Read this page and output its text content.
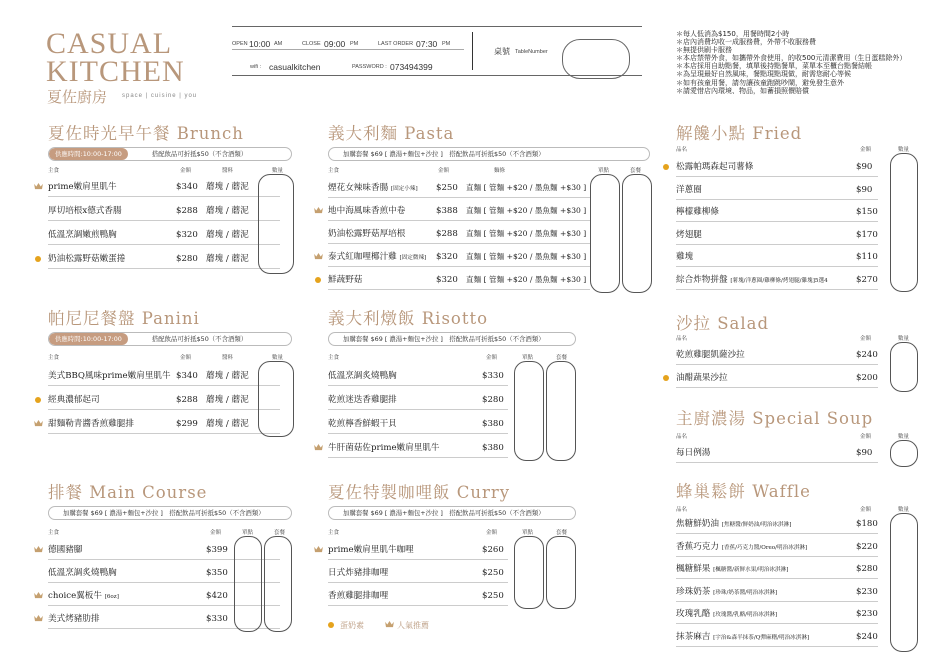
CASUAL
KITCHEN
夏佐廚房 space | cuisine | you
OPEN 10:00 AM	CLOSE 09:00 PM	LAST ORDER 07:30 PM
wifi : casualkitchen	PASSWORD : 073494399
桌號 TableNumber
＊每人低消為$150，用餐時間2小時
＊店內消費均收一成服務費，外帶不收服務費
＊無提供刷卡服務
＊本店禁帶外食，如攜帶外食使用，的收500元清潔費用（生日蛋糕除外）
＊本店採用自助點餐，填單後持點餐單，菜單本至櫃台點餐結帳
＊為呈現最好自然風味，餐點現點現做，耐需您耐心等候
＊如有孩童用餐，請勿讓孩童跑跳吵鬧，避免發生意外
＊請愛惜店內環境、物品，如蓄損照價賠償
夏佐時光早午餐 Brunch
供應時間:10:00-17:00	搭配飲品可折抵$50（不含酒類）
主食	金額	醬料	數量
prime嫩肩里肌牛	$340 蘑塊 / 蘑泥
厚切培根x德式香腸	$288 蘑塊 / 蘑泥
低溫烹調嫩煎鴨胸	$320 蘑塊 / 蘑泥
奶油松露野菇嫩蛋捲	$280 蘑塊 / 蘑泥
帕尼尼餐盤 Panini
供應時間:10:00-17:00	搭配飲品可折抵$50（不含酒類）
主食	金額	醬料	數量
美式BBQ風味prime嫩肩里肌牛 $340 蘑塊 / 蘑泥
經典濃郁起司	$288 蘑塊 / 蘑泥
甜麵勒青醬香煎雞腿排	$299 蘑塊 / 蘑泥
排餐 Main Course
加購套餐 $69 [ 濃湯+麵包+沙拉 ]　搭配飲品可折抵$50（不含酒類）
主食	金額	單點	套餐
德國豬腳	$399
低溫烹調炙燒鴨胸	$350
choice翼板牛 [6oz]	$420
美式烤豬肋排	$330
義大利麵 Pasta
加購套餐 $69 [ 濃湯+麵包+沙拉 ]　搭配飲品可折抵$50（不含酒類）
主食	金額	麵條	單點	套餐
煙花女辣味香腸 [固定小辣] $250 直麵 [ 管麵 +$20 / 墨魚麵 +$30 ]
地中海風味香煎中卷	$388 直麵 [ 管麵 +$20 / 墨魚麵 +$30 ]
奶油松露野菇厚培根	$288 直麵 [ 管麵 +$20 / 墨魚麵 +$30 ]
泰式紅咖哩椰汁雞 [固定微辣] $320 直麵 [ 管麵 +$20 / 墨魚麵 +$30 ]
鮮蔬野菇	$320 直麵 [ 管麵 +$20 / 墨魚麵 +$30 ]
義大利燉飯 Risotto
加購套餐 $69 [ 濃湯+麵包+沙拉 ]　搭配飲品可折抵$50（不含酒類）
主食	金額	單點	套餐
低溫烹調炙燒鴨胸	$330
乾煎迷迭香雞腿排	$280
乾煎檸香鮮蝦干貝	$380
牛肝菌菇佐prime嫩肩里肌牛	$380
夏佐特製咖哩飯 Curry
加購套餐 $69 [ 濃湯+麵包+沙拉 ]　搭配飲品可折抵$50（不含酒類）
主食	金額	單點	套餐
prime嫩肩里肌牛咖哩	$260
日式炸豬排咖哩	$250
香煎雞腿排咖哩	$250
解饞小點 Fried
品名	金額	數量
松露帕瑪森起司薯條	$90
洋蔥圈	$90
檸檬雞柳條	$150
烤翅腿	$170
雞塊	$110
綜合炸物拼盤 [薯塊/洋蔥圈/雞柳條/烤翅腿/雞塊]5選4	$270
沙拉 Salad
品名	金額	數量
乾煎雞腿凱薩沙拉	$240
油醋蔬果沙拉	$200
主廚濃湯 Special Soup
品名	金額	數量
每日例湯	$90
蜂巢鬆餅 Waffle
品名	金額	數量
焦糖鮮奶油 [焦糖醬/鮮奶油/明治冰淇淋]	$180
香蕉巧克力 [香蕉/巧克力醬/Oreo/明治冰淇淋]	$220
楓糖鮮果 [楓糖醬/新鮮水果/明治冰淇淋]	$280
珍珠奶茶 [珍珠/奶茶醬/明治冰淇淋]	$230
玫瑰乳酪 [玫瑰醬/乳酪/明治冰淇淋]	$230
抹茶麻吉 [宇治&森半抹茶/Q彈麻糬/明治冰淇淋]	$240
蛋奶素	人氣推薦
